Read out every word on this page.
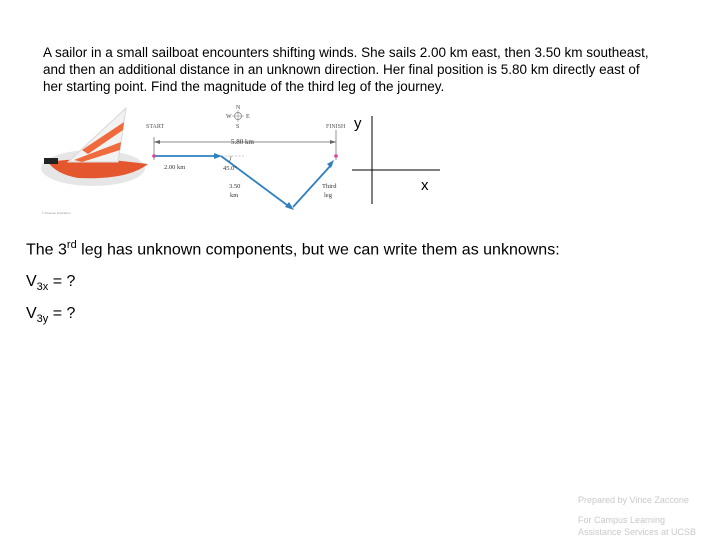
A sailor in a small sailboat encounters shifting winds. She sails 2.00 km east, then 3.50 km southeast,
and then an additional distance in an unknown direction. Her final position is 5.80 km directly east of
her starting point. Find the magnitude of the third leg of the journey.
N
W E
S
START	FINISH
5.80 km
2.00 km	45.0°
3.50
km
Third
leg
© Pearson Education
y
x
The 3rd leg has unknown components, but we can write them as unknowns:
$V_{3x}$ = ?
$V_{3y}$ = ?
Prepared by Vince Zaccone
For Campus Learning
Assistance Services at UCSB
